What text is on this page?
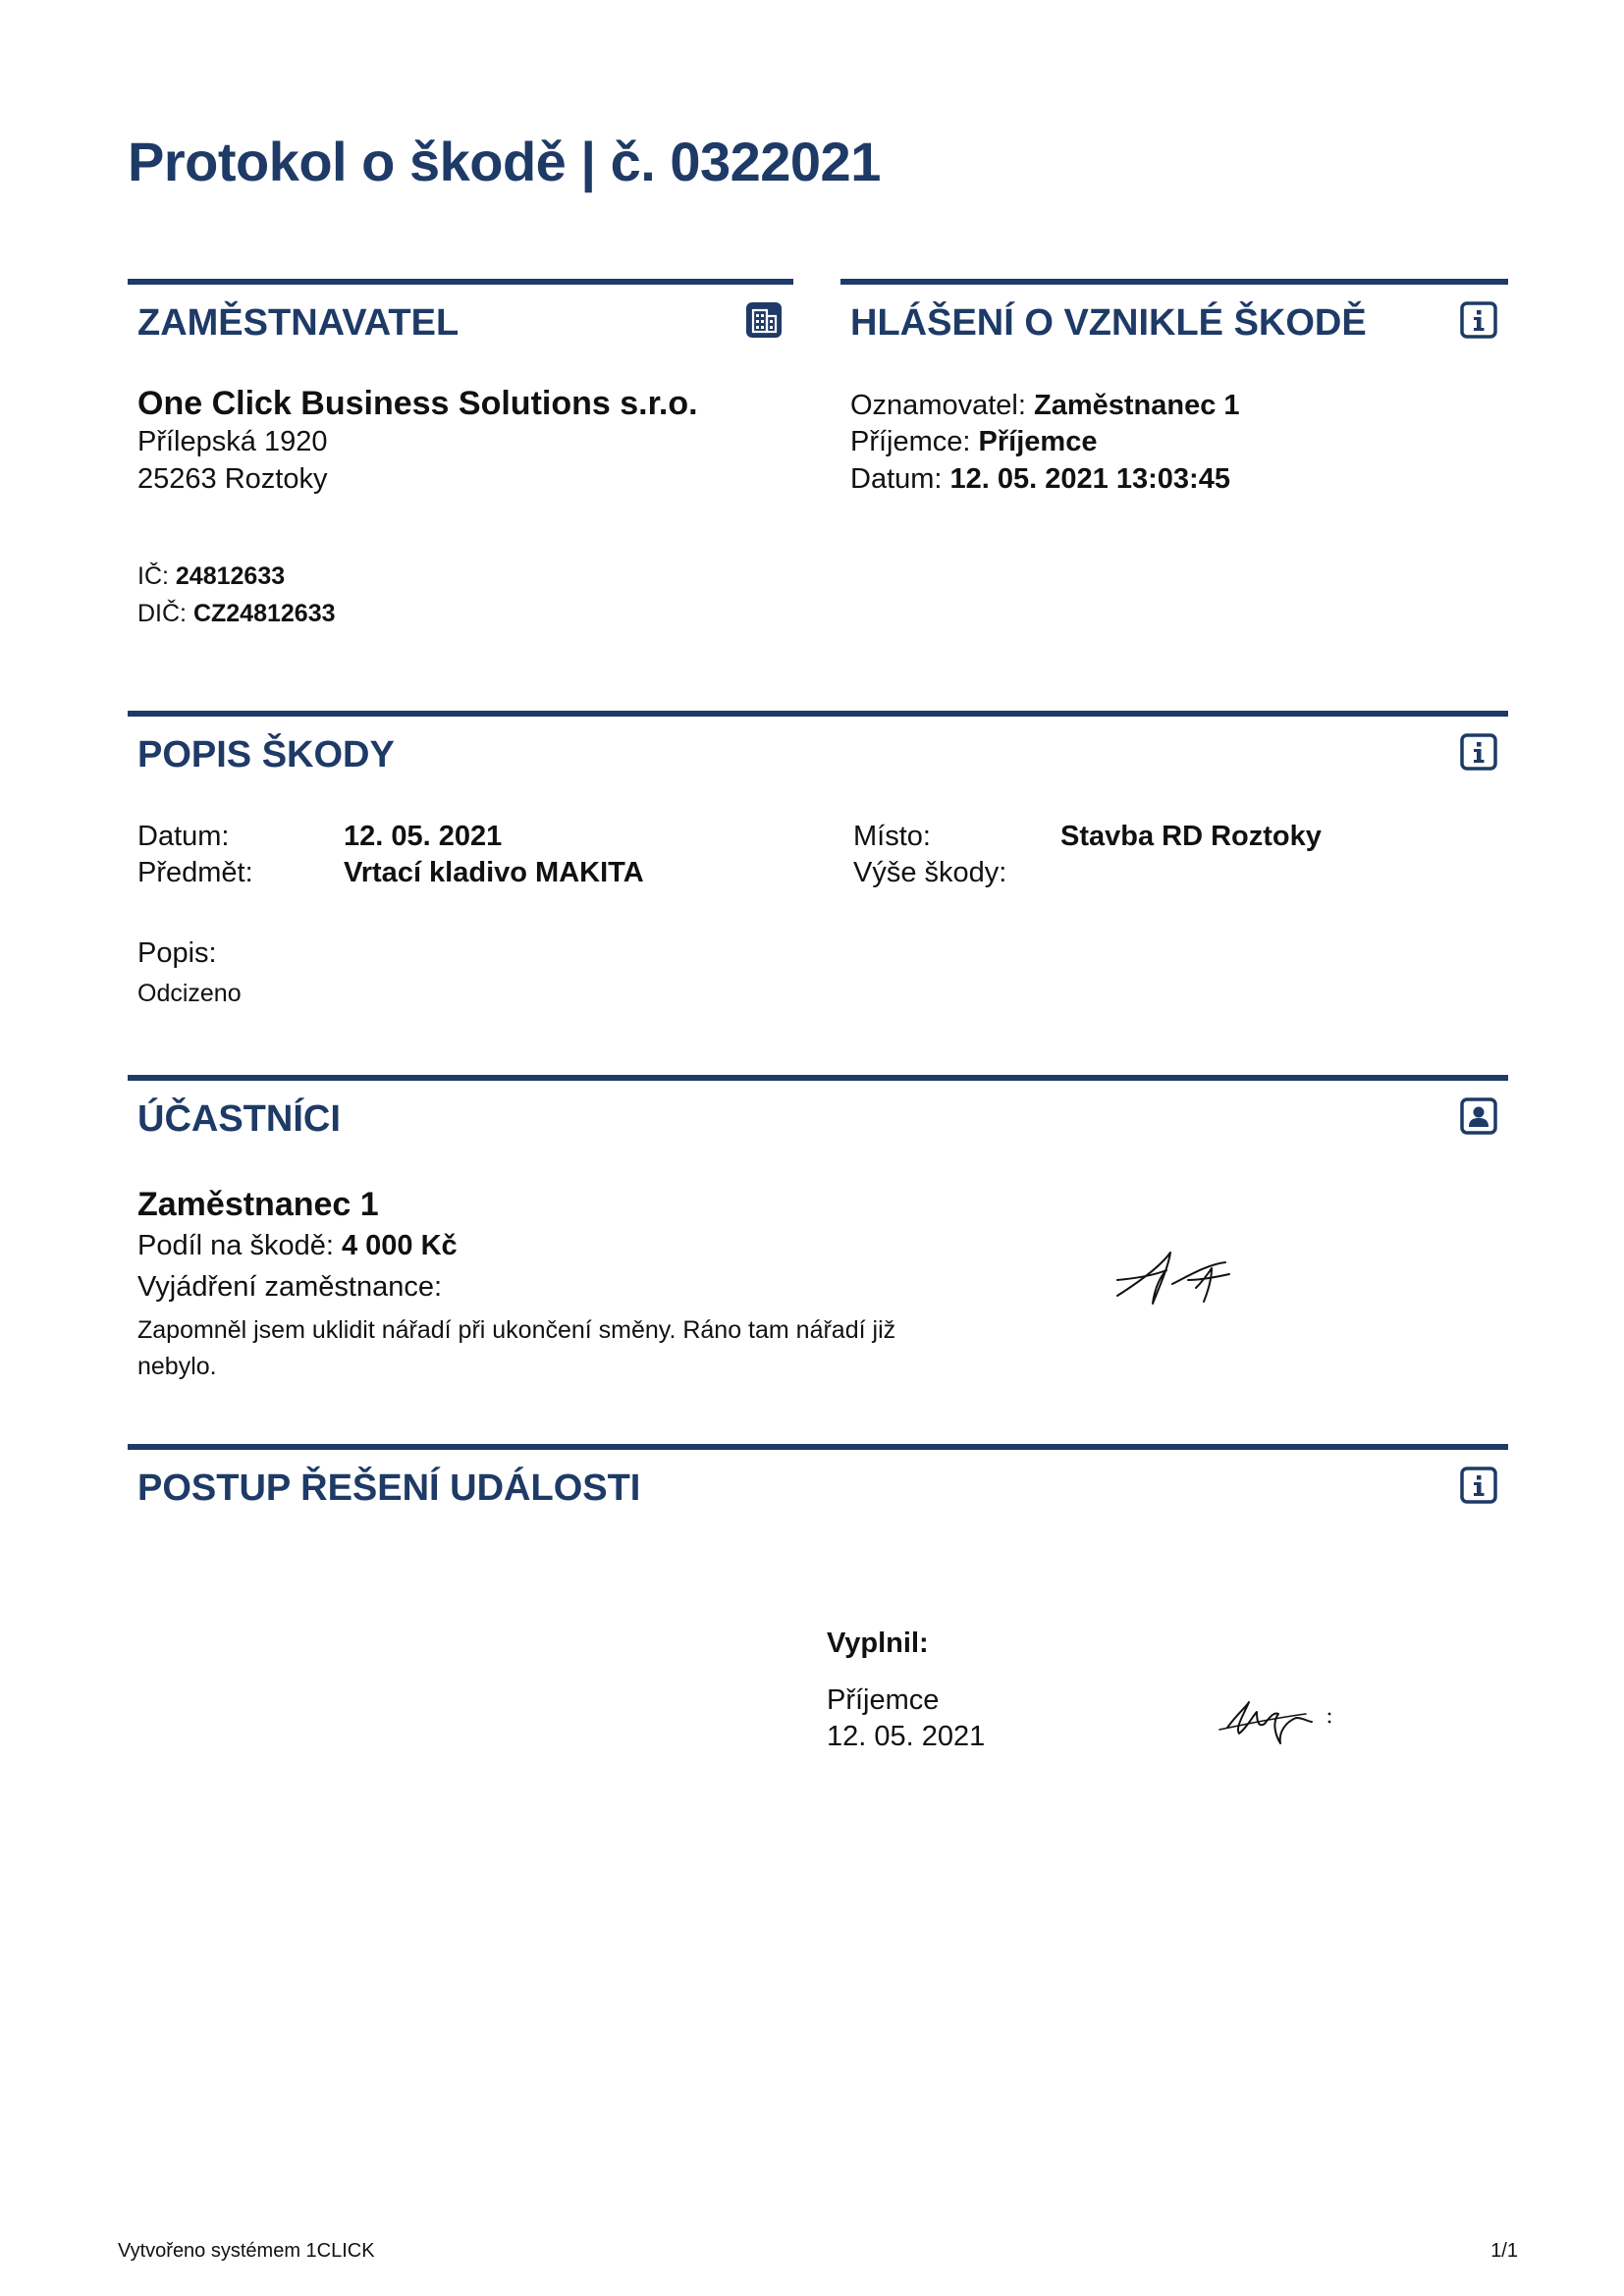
Protokol o škodě | č. 0322021
ZAMĚSTNAVATEL
One Click Business Solutions s.r.o.
Přílepská 1920
25263 Roztoky
IČ: 24812633
DIČ: CZ24812633
HLÁŠENÍ O VZNIKLÉ ŠKODĚ
Oznamovatel: Zaměstnanec 1
Příjemce: Příjemce
Datum: 12. 05. 2021 13:03:45
POPIS ŠKODY
Datum:	12. 05. 2021
Předmět:	Vrtací kladivo MAKITA
Místo:	Stavba RD Roztoky
Výše škody:
Popis:
Odcizeno
ÚČASTNÍCI
Zaměstnanec 1
Podíl na škodě: 4 000 Kč
Vyjádření zaměstnance:
Zapomněl jsem uklidit nářadí při ukončení směny. Ráno tam nářadí již
nebylo.
POSTUP ŘEŠENÍ UDÁLOSTI
Vyplnil:
Příjemce
12. 05. 2021
Vytvořeno systémem 1CLICK	1/1
